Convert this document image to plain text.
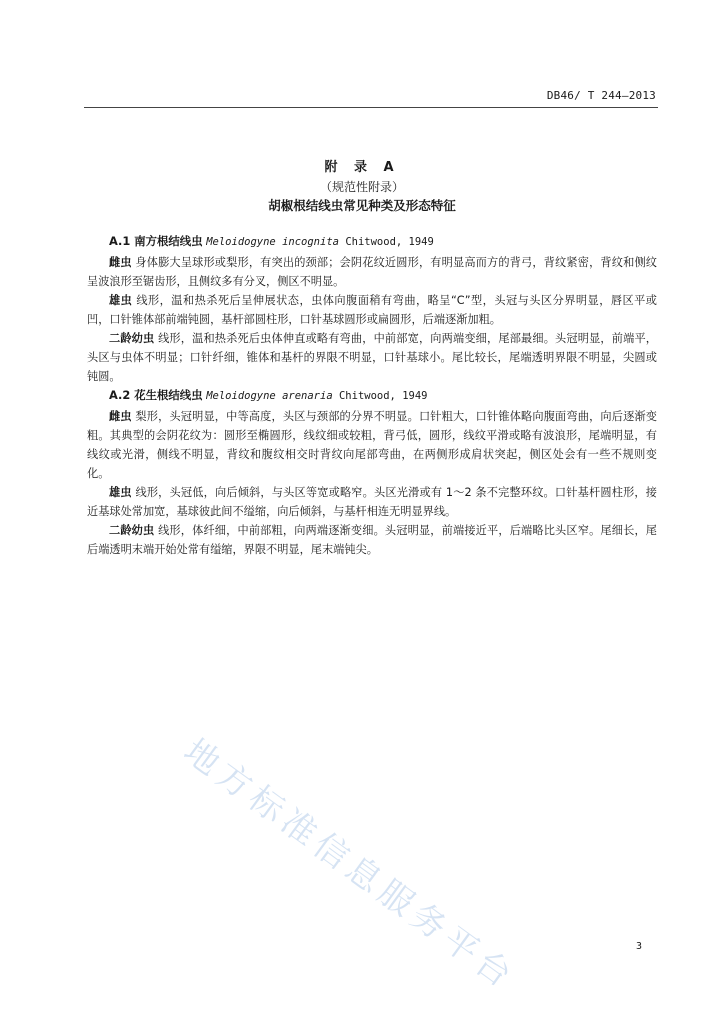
DB46/ T 244—2013
附 录 A
（规范性附录）
胡椒根结线虫常见种类及形态特征
A.1 南方根结线虫 Meloidogyne incognita Chitwood, 1949

雌虫 身体膨大呈球形或梨形，有突出的颈部；会阴花纹近圆形，有明显高而方的背弓，背纹紧密，背纹和侧纹呈波浪形至锯齿形，且侧纹多有分叉，侧区不明显。

雄虫 线形，温和热杀死后呈伸展状态，虫体向腹面稍有弯曲，略呈“C”型，头冠与头区分界明显，唇区平或凹，口针锥体部前端钝圆，基杆部圆柱形，口针基球圆形或扁圆形，后端逐渐加粗。

二龄幼虫 线形，温和热杀死后虫体伸直或略有弯曲，中前部宽，向两端变细，尾部最细。头冠明显，前端平，头区与虫体不明显；口针纤细，锥体和基杆的界限不明显，口针基球小。尾比较长，尾端透明界限不明显，尖圆或钝圆。

A.2 花生根结线虫 Meloidogyne arenaria Chitwood, 1949

雌虫 梨形，头冠明显，中等高度，头区与颈部的分界不明显。口针粗大，口针锥体略向腹面弯曲，向后逐渐变粗。其典型的会阴花纹为：圆形至椭圆形，线纹细或较粗，背弓低，圆形，线纹平滑或略有波浪形，尾端明显，有线纹或光滑，侧线不明显，背纹和腹纹相交时背纹向尾部弯曲，在两侧形成肩状突起，侧区处会有一些不规则变化。

雄虫 线形，头冠低，向后倾斜，与头区等宽或略窄。头区光滑或有 1～2 条不完整环纹。口针基杆圆柱形，接近基球处常加宽，基球彼此间不缢缩，向后倾斜，与基杆相连无明显界线。

二龄幼虫 线形，体纤细，中前部粗，向两端逐渐变细。头冠明显，前端接近平，后端略比头区窄。尾细长，尾后端透明末端开始处常有缢缩，界限不明显，尾末端钝尖。

地方标准信息服务平台	3
